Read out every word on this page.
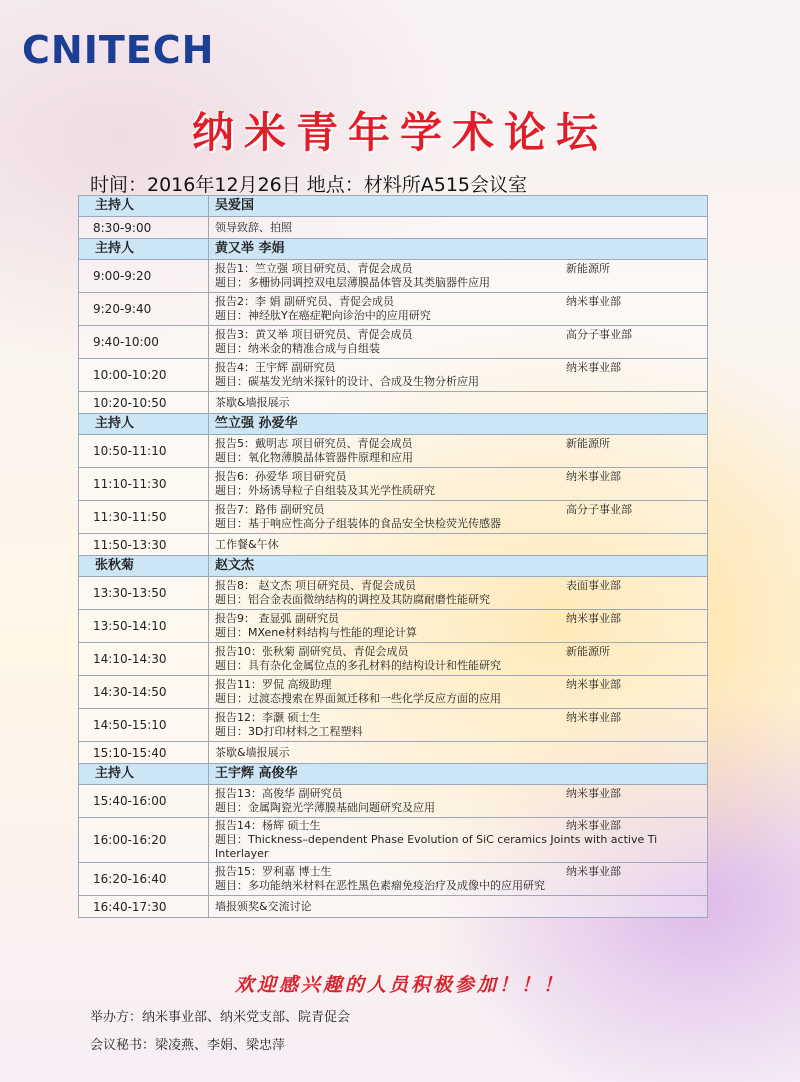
CNITECH
纳米青年学术论坛
时间：2016年12月26日 地点：材料所A515会议室
主持人	吴爱国
8:30-9:00	领导致辞、拍照
主持人	黄又举 李娟
9:00-9:20	报告1：竺立强 项目研究员、青促会成员 新能源所
题目：多栅协同调控双电层薄膜晶体管及其类脑器件应用

9:20-9:40	报告2：李 娟 副研究员、青促会成员 纳米事业部
题目：神经肽Y在癌症靶向诊治中的应用研究

9:40-10:00	报告3：黄又举 项目研究员、青促会成员 高分子事业部
题目：纳米金的精准合成与自组装

10:00-10:20	报告4：王宇辉 副研究员 纳米事业部
题目：碳基发光纳米探针的设计、合成及生物分析应用

10:20-10:50	茶歇&墙报展示
主持人	竺立强 孙爱华
10:50-11:10	报告5：戴明志 项目研究员、青促会成员 新能源所
题目：氧化物薄膜晶体管器件原理和应用

11:10-11:30	报告6：孙爱华 项目研究员 纳米事业部
题目：外场诱导粒子自组装及其光学性质研究

11:30-11:50	报告7：路伟 副研究员 高分子事业部
题目：基于响应性高分子组装体的食品安全快检荧光传感器

11:50-13:30	工作餐&午休
张秋菊	赵文杰
13:30-13:50	报告8： 赵文杰 项目研究员、青促会成员 表面事业部
题目：铝合金表面微纳结构的调控及其防腐耐磨性能研究

13:50-14:10	报告9： 查显弧 副研究员 纳米事业部
题目：MXene材料结构与性能的理论计算

14:10-14:30	报告10：张秋菊 副研究员、青促会成员 新能源所
题目：具有杂化金属位点的多孔材料的结构设计和性能研究

14:30-14:50	报告11：罗侃 高级助理 纳米事业部
题目：过渡态搜索在界面氮迁移和一些化学反应方面的应用

14:50-15:10	报告12：李灏 硕士生 纳米事业部
题目：3D打印材料之工程塑料

15:10-15:40	茶歇&墙报展示
主持人	王宇辉 高俊华
15:40-16:00	报告13：高俊华 副研究员 纳米事业部
题目：金属陶瓷光学薄膜基础问题研究及应用

16:00-16:20	报告14：杨辉 硕士生 纳米事业部
题目：Thickness–dependent Phase Evolution of SiC ceramics Joints with active Ti Interlayer

16:20-16:40	报告15：罗利嘉 博士生 纳米事业部
题目：多功能纳米材料在恶性黑色素瘤免疫治疗及成像中的应用研究

16:40-17:30	墙报颁奖&交流讨论
欢迎感兴趣的人员积极参加！！！
举办方：纳米事业部、纳米党支部、院青促会
会议秘书：梁凌燕、李娟、梁忠萍
